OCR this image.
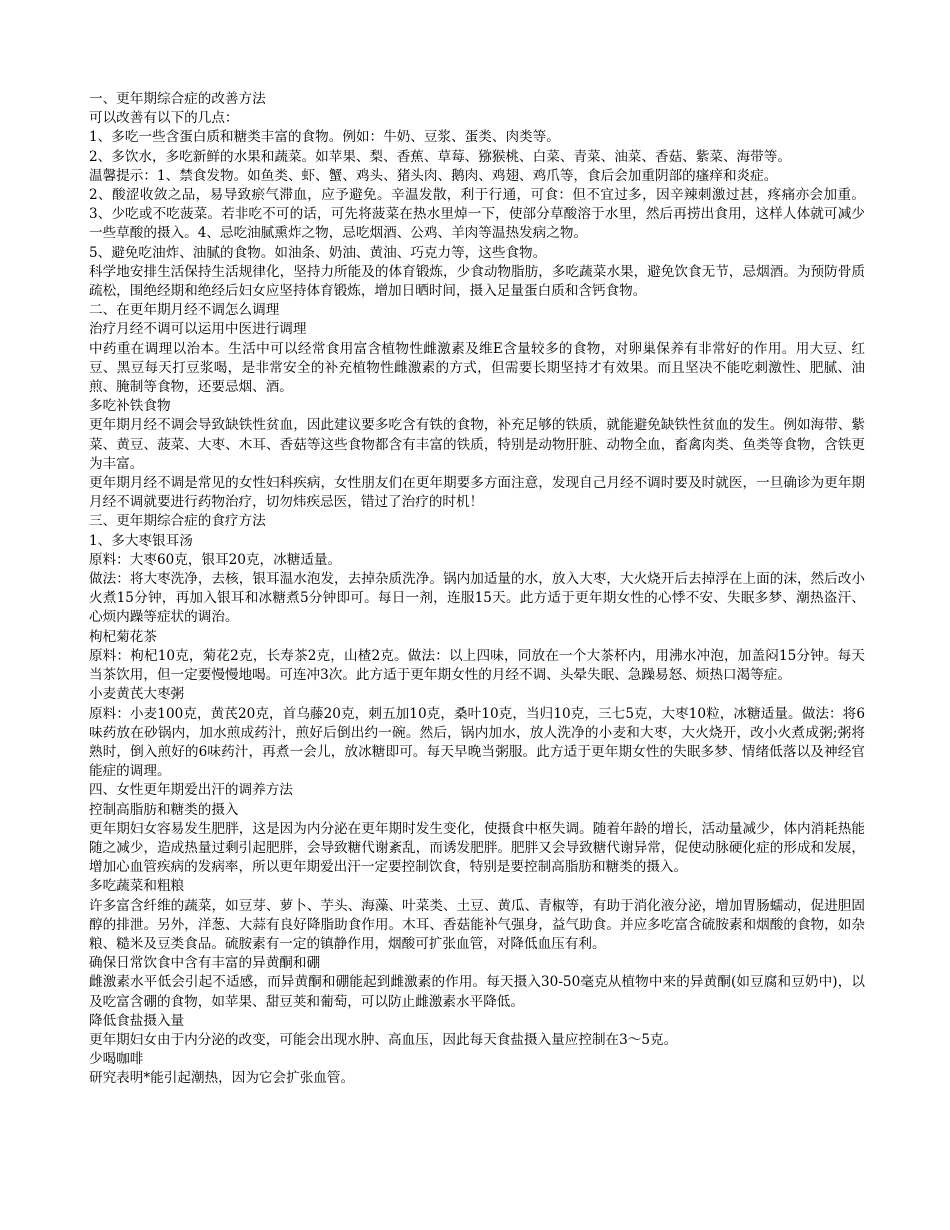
一、更年期综合症的改善方法

可以改善有以下的几点：

1、多吃一些含蛋白质和糖类丰富的食物。例如：牛奶、豆浆、蛋类、肉类等。

2、多饮水，多吃新鲜的水果和蔬菜。如苹果、梨、香蕉、草莓、猕猴桃、白菜、青菜、油菜、香菇、紫菜、海带等。

温馨提示：1、禁食发物。如鱼类、虾、蟹、鸡头、猪头肉、鹅肉、鸡翅、鸡爪等，食后会加重阴部的瘙痒和炎症。

2、酸涩收敛之品，易导致瘀气滞血，应予避免。辛温发散，利于行通，可食：但不宜过多，因辛辣刺激过甚，疼痛亦会加重。3、少吃或不吃菠菜。若非吃不可的话，可先将菠菜在热水里焯一下，使部分草酸溶于水里，然后再捞出食用，这样人体就可减少一些草酸的摄入。4、忌吃油腻熏炸之物，忌吃烟酒、公鸡、羊肉等温热发病之物。

5、避免吃油炸、油腻的食物。如油条、奶油、黄油、巧克力等，这些食物。

科学地安排生活保持生活规律化，坚持力所能及的体育锻炼，少食动物脂肪，多吃蔬菜水果，避免饮食无节，忌烟酒。为预防骨质疏松，围绝经期和绝经后妇女应坚持体育锻炼，增加日晒时间，摄入足量蛋白质和含钙食物。

二、在更年期月经不调怎么调理

治疗月经不调可以运用中医进行调理

中药重在调理以治本。生活中可以经常食用富含植物性雌激素及维E含量较多的食物，对卵巢保养有非常好的作用。用大豆、红豆、黑豆每天打豆浆喝，是非常安全的补充植物性雌激素的方式，但需要长期坚持才有效果。而且坚决不能吃刺激性、肥腻、油煎、腌制等食物，还要忌烟、酒。

多吃补铁食物

更年期月经不调会导致缺铁性贫血，因此建议要多吃含有铁的食物，补充足够的铁质，就能避免缺铁性贫血的发生。例如海带、紫菜、黄豆、菠菜、大枣、木耳、香菇等这些食物都含有丰富的铁质，特别是动物肝脏、动物全血，畜禽肉类、鱼类等食物，含铁更为丰富。

更年期月经不调是常见的女性妇科疾病，女性朋友们在更年期要多方面注意，发现自己月经不调时要及时就医，一旦确诊为更年期月经不调就要进行药物治疗，切勿炜疾忌医，错过了治疗的时机！

三、更年期综合症的食疗方法

1、多大枣银耳汤

原料：大枣60克，银耳20克，冰糖适量。

做法：将大枣洗净，去核，银耳温水泡发，去掉杂质洗净。锅内加适量的水，放入大枣，大火烧开后去掉浮在上面的沫，然后改小火煮15分钟，再加入银耳和冰糖煮5分钟即可。每日一剂，连服15天。此方适于更年期女性的心悸不安、失眠多梦、潮热盗汗、心烦内躁等症状的调治。

枸杞菊花茶

原料：枸杞10克，菊花2克，长寿茶2克，山楂2克。做法：以上四味，同放在一个大茶杯内，用沸水冲泡，加盖闷15分钟。每天当茶饮用，但一定要慢慢地喝。可连冲3次。此方适于更年期女性的月经不调、头晕失眠、急躁易怒、烦热口渴等症。

小麦黄芪大枣粥

原料：小麦100克，黄芪20克，首乌藤20克，刺五加10克，桑叶10克，当归10克，三七5克，大枣10粒，冰糖适量。做法：将6味药放在砂锅内，加水煎成药汁，煎好后倒出约一碗。然后，锅内加水，放人洗净的小麦和大枣，大火烧开，改小火煮成粥;粥将熟时，倒入煎好的6味药汁，再煮一会儿，放冰糖即可。每天早晚当粥服。此方适于更年期女性的失眠多梦、情绪低落以及神经官能症的调理。

四、女性更年期爱出汗的调养方法

控制高脂肪和糖类的摄入

更年期妇女容易发生肥胖，这是因为内分泌在更年期时发生变化，使摄食中枢失调。随着年龄的增长，活动量减少，体内消耗热能随之减少，造成热量过剩引起肥胖，会导致糖代谢紊乱，而诱发肥胖。肥胖又会导致糖代谢异常，促使动脉硬化症的形成和发展，增加心血管疾病的发病率，所以更年期爱出汗一定要控制饮食，特别是要控制高脂肪和糖类的摄入。

多吃蔬菜和粗粮

许多富含纤维的蔬菜，如豆芽、萝卜、芋头、海藻、叶菜类、土豆、黄瓜、青椒等，有助于消化液分泌，增加胃肠蠕动，促进胆固醇的排泄。另外，洋葱、大蒜有良好降脂助食作用。木耳、香菇能补气强身，益气助食。并应多吃富含硫胺素和烟酸的食物，如杂粮、糙米及豆类食品。硫胺素有一定的镇静作用，烟酸可扩张血管，对降低血压有利。

确保日常饮食中含有丰富的异黄酮和硼

雌激素水平低会引起不适感，而异黄酮和硼能起到雌激素的作用。每天摄入30-50毫克从植物中来的异黄酮(如豆腐和豆奶中)，以及吃富含硼的食物，如苹果、甜豆荚和葡萄，可以防止雌激素水平降低。

降低食盐摄入量

更年期妇女由于内分泌的改变，可能会出现水肿、高血压，因此每天食盐摄入量应控制在3～5克。

少喝咖啡

研究表明*能引起潮热，因为它会扩张血管。
